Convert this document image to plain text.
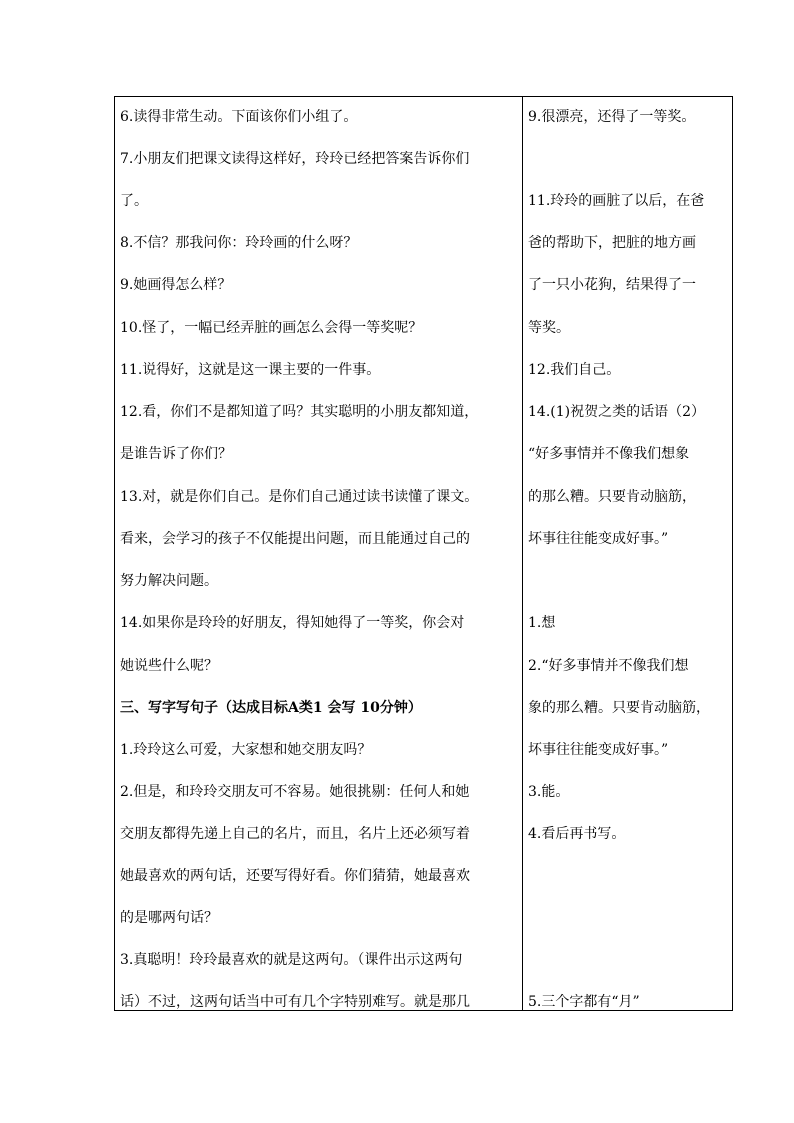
6.读得非常生动。下面该你们小组了。
7.小朋友们把课文读得这样好，玲玲已经把答案告诉你们
了。
8.不信？那我问你：玲玲画的什么呀？
9.她画得怎么样？
10.怪了，一幅已经弄脏的画怎么会得一等奖呢？
11.说得好，这就是这一课主要的一件事。
12.看，你们不是都知道了吗？其实聪明的小朋友都知道，
是谁告诉了你们？
13.对，就是你们自己。是你们自己通过读书读懂了课文。
看来，会学习的孩子不仅能提出问题，而且能通过自己的
努力解决问题。
14.如果你是玲玲的好朋友，得知她得了一等奖，你会对
她说些什么呢？
三、写字写句子（达成目标A类1 会写 10分钟）
1.玲玲这么可爱，大家想和她交朋友吗？
2.但是，和玲玲交朋友可不容易。她很挑剔：任何人和她
交朋友都得先递上自己的名片，而且，名片上还必须写着
她最喜欢的两句话，还要写得好看。你们猜猜，她最喜欢
的是哪两句话？
3.真聪明！玲玲最喜欢的就是这两句。（课件出示这两句
话）不过，这两句话当中可有几个字特别难写。就是那几
9.很漂亮，还得了一等奖。
11.玲玲的画脏了以后，在爸
爸的帮助下，把脏的地方画
了一只小花狗，结果得了一
等奖。
12.我们自己。
14.(1)祝贺之类的话语（2）
“好多事情并不像我们想象
的那么糟。只要肯动脑筋，
坏事往往能变成好事。”
1.想
2.“好多事情并不像我们想
象的那么糟。只要肯动脑筋，
坏事往往能变成好事。”
3.能。
4.看后再书写。
5.三个字都有“月”
